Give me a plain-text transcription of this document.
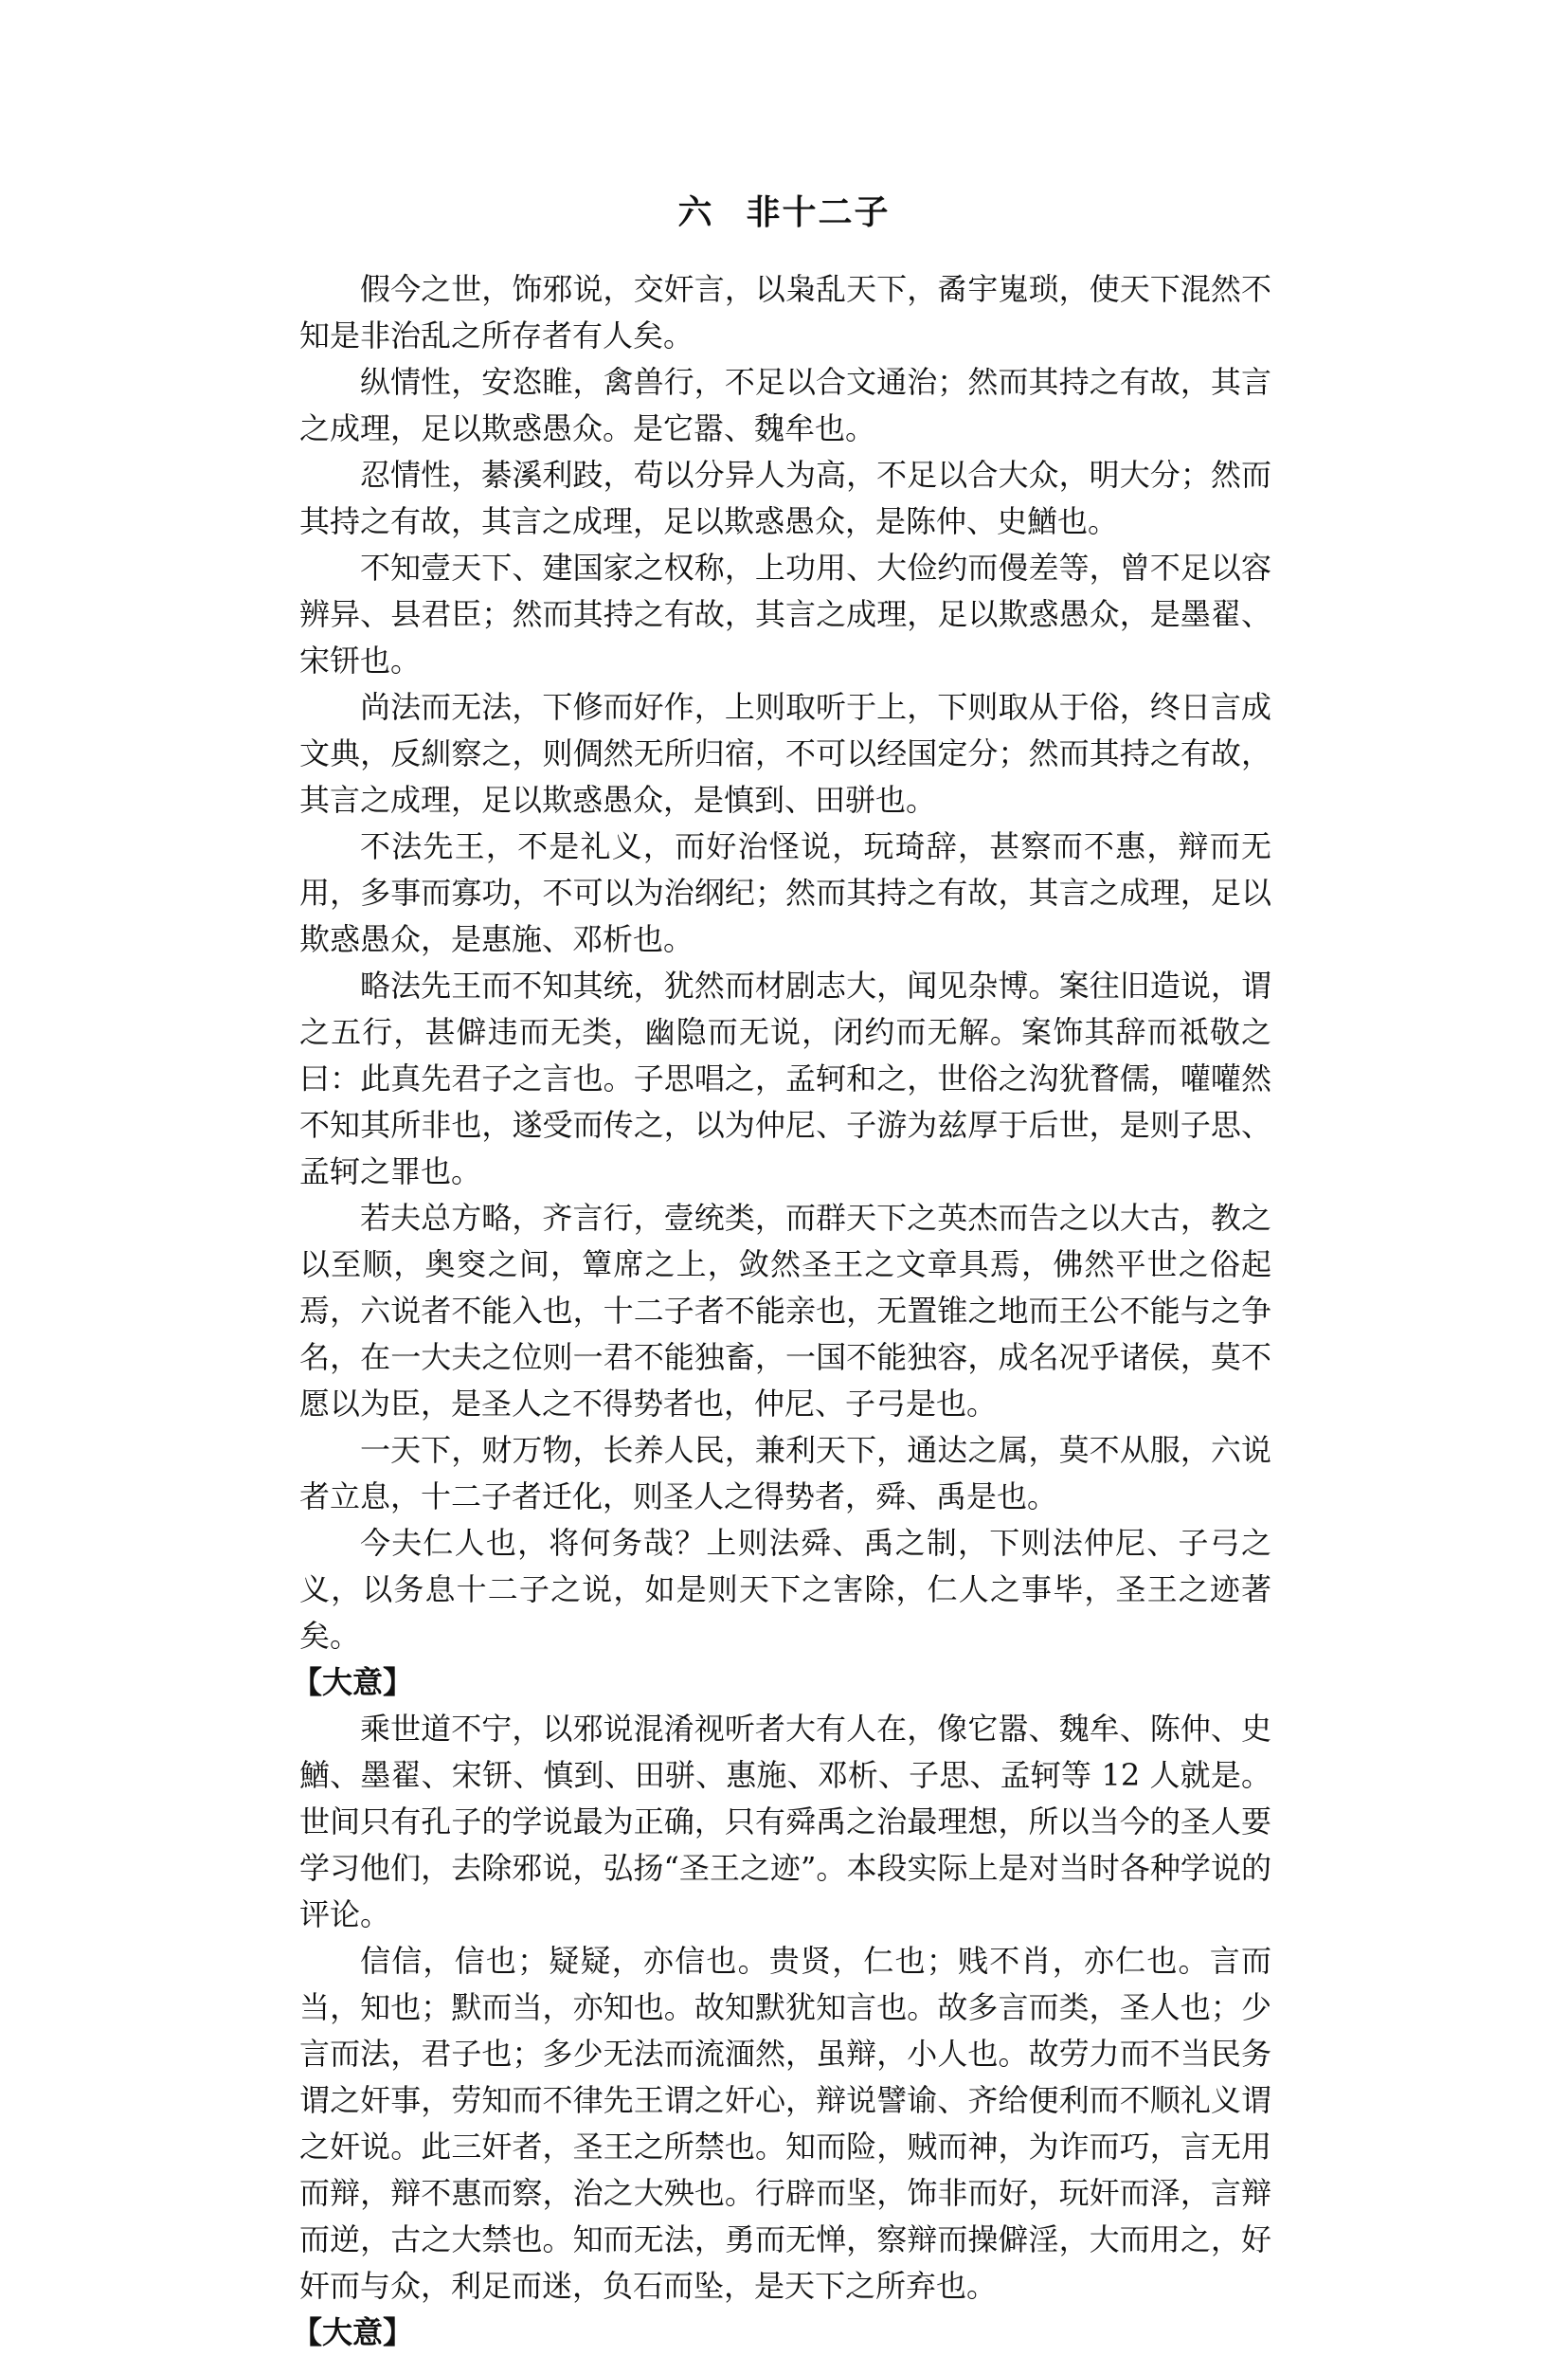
六 非十二子

假今之世，饰邪说，交奸言，以枭乱天下，矞宇嵬琐，使天下混然不知是非治乱之所存者有人矣。

纵情性，安恣睢，禽兽行，不足以合文通治；然而其持之有故，其言之成理，足以欺惑愚众。是它嚣、魏牟也。

忍情性，綦溪利跂，苟以分异人为高，不足以合大众，明大分；然而其持之有故，其言之成理，足以欺惑愚众，是陈仲、史鰌也。

不知壹天下、建国家之权称，上功用、大俭约而僈差等，曾不足以容辨异、县君臣；然而其持之有故，其言之成理，足以欺惑愚众，是墨翟、宋钘也。

尚法而无法，下修而好作，上则取听于上，下则取从于俗，终日言成文典，反紃察之，则倜然无所归宿，不可以经国定分；然而其持之有故，其言之成理，足以欺惑愚众，是慎到、田骈也。

不法先王，不是礼义，而好治怪说，玩琦辞，甚察而不惠，辩而无用，多事而寡功，不可以为治纲纪；然而其持之有故，其言之成理，足以欺惑愚众，是惠施、邓析也。

略法先王而不知其统，犹然而材剧志大，闻见杂博。案往旧造说，谓之五行，甚僻违而无类，幽隐而无说，闭约而无解。案饰其辞而祗敬之曰：此真先君子之言也。子思唱之，孟轲和之，世俗之沟犹瞀儒，嚾嚾然不知其所非也，遂受而传之，以为仲尼、子游为兹厚于后世，是则子思、孟轲之罪也。

若夫总方略，齐言行，壹统类，而群天下之英杰而告之以大古，教之以至顺，奥窔之间，簟席之上，敛然圣王之文章具焉，佛然平世之俗起焉，六说者不能入也，十二子者不能亲也，无置锥之地而王公不能与之争名，在一大夫之位则一君不能独畜，一国不能独容，成名况乎诸侯，莫不愿以为臣，是圣人之不得势者也，仲尼、子弓是也。

一天下，财万物，长养人民，兼利天下，通达之属，莫不从服，六说者立息，十二子者迁化，则圣人之得势者，舜、禹是也。

今夫仁人也，将何务哉？上则法舜、禹之制，下则法仲尼、子弓之义，以务息十二子之说，如是则天下之害除，仁人之事毕，圣王之迹著矣。

【大意】

乘世道不宁，以邪说混淆视听者大有人在，像它嚣、魏牟、陈仲、史鰌、墨翟、宋钘、慎到、田骈、惠施、邓析、子思、孟轲等 12 人就是。世间只有孔子的学说最为正确，只有舜禹之治最理想，所以当今的圣人要学习他们，去除邪说，弘扬“圣王之迹”。本段实际上是对当时各种学说的评论。

信信，信也；疑疑，亦信也。贵贤，仁也；贱不肖，亦仁也。言而当，知也；默而当，亦知也。故知默犹知言也。故多言而类，圣人也；少言而法，君子也；多少无法而流湎然，虽辩，小人也。故劳力而不当民务谓之奸事，劳知而不律先王谓之奸心，辩说譬谕、齐给便利而不顺礼义谓之奸说。此三奸者，圣王之所禁也。知而险，贼而神，为诈而巧，言无用而辩，辩不惠而察，治之大殃也。行辟而坚，饰非而好，玩奸而泽，言辩而逆，古之大禁也。知而无法，勇而无惮，察辩而操僻淫，大而用之，好奸而与众，利足而迷，负石而坠，是天下之所弃也。

【大意】
